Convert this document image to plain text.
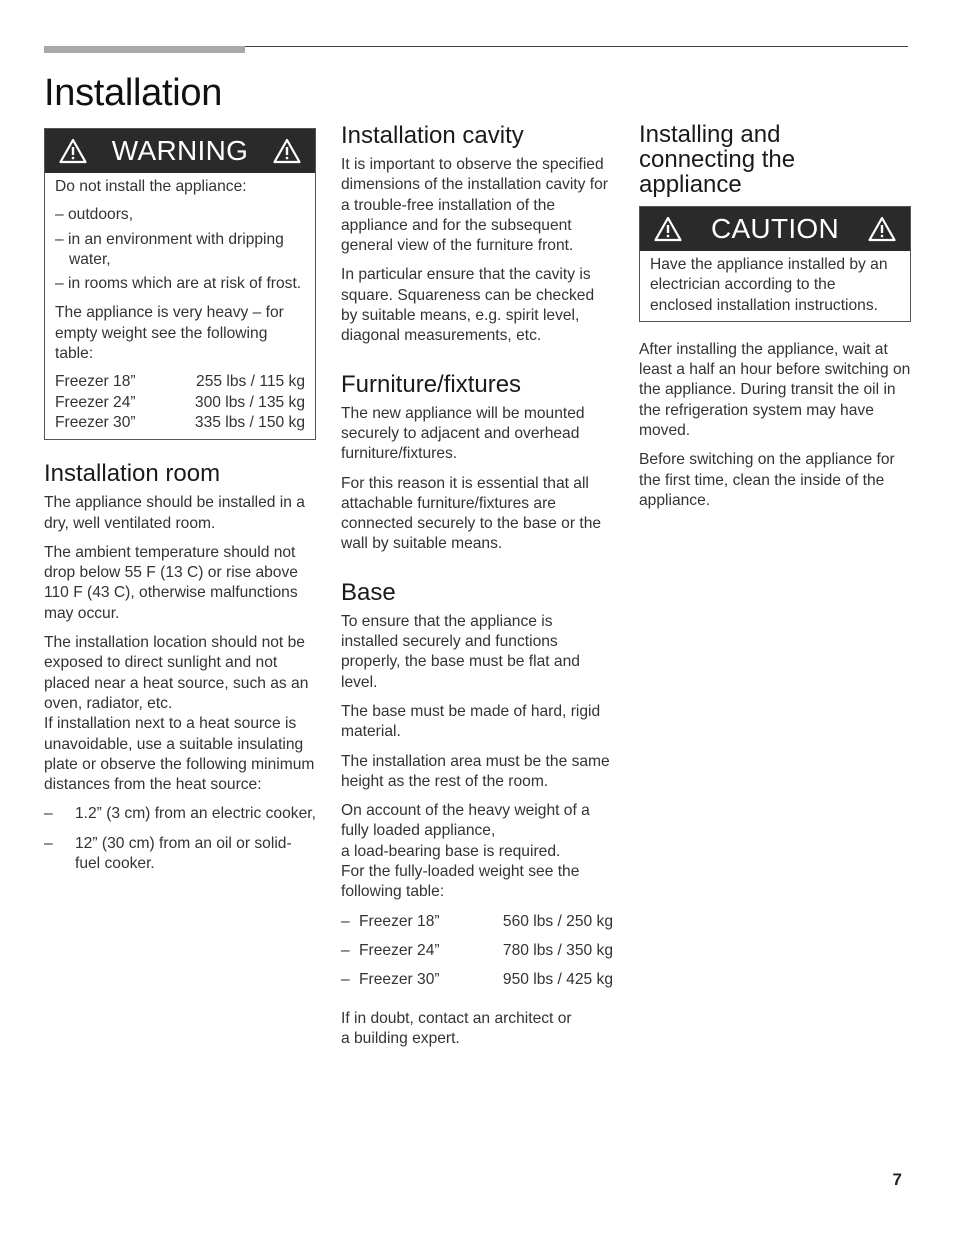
Installation
WARNING

Do not install the appliance:

– outdoors,
– in an environment with dripping water,
– in rooms which are at risk of frost.

The appliance is very heavy – for empty weight see the following table:

Freezer 18”	255 lbs / 115 kg
Freezer 24”	300 lbs / 135 kg
Freezer 30”	335 lbs / 150 kg
Installation room

The appliance should be installed in a dry, well ventilated room.

The ambient temperature should not drop below 55 F (13 C) or rise above 110 F (43 C), otherwise malfunctions may occur.

The installation location should not be exposed to direct sunlight and not placed near a heat source, such as an oven, radiator, etc.

If installation next to a heat source is unavoidable, use a suitable insulating plate or observe the following minimum distances from the heat source:

– 1.2” (3 cm) from an electric cooker,
– 12” (30 cm) from an oil or solid-fuel cooker.
Installation cavity

It is important to observe the specified dimensions of the installation cavity for a trouble-free installation of the appliance and for the subsequent general view of the furniture front.

In particular ensure that the cavity is square. Squareness can be checked by suitable means, e.g. spirit level, diagonal measurements, etc.

Furniture/fixtures

The new appliance will be mounted securely to adjacent and overhead furniture/fixtures.

For this reason it is essential that all attachable furniture/fixtures are connected securely to the base or the wall by suitable means.

Base

To ensure that the appliance is installed securely and functions properly, the base must be flat and level.

The base must be made of hard, rigid material.

The installation area must be the same height as the rest of the room.

On account of the heavy weight of a fully loaded appliance,

a load-bearing base is required.

For the fully-loaded weight see the following table:

–	Freezer 18”	560 lbs / 250 kg
–	Freezer 24”	780 lbs / 350 kg
–	Freezer 30”	950 lbs / 425 kg

If in doubt, contact an architect or

a building expert.

Installing and
connecting the
appliance
CAUTION

Have the appliance installed by an electrician according to the enclosed installation instructions.

After installing the appliance, wait at least a half an hour before switching on the appliance. During transit the oil in the refrigeration system may have moved.

Before switching on the appliance for the first time, clean the inside of the appliance.

7
